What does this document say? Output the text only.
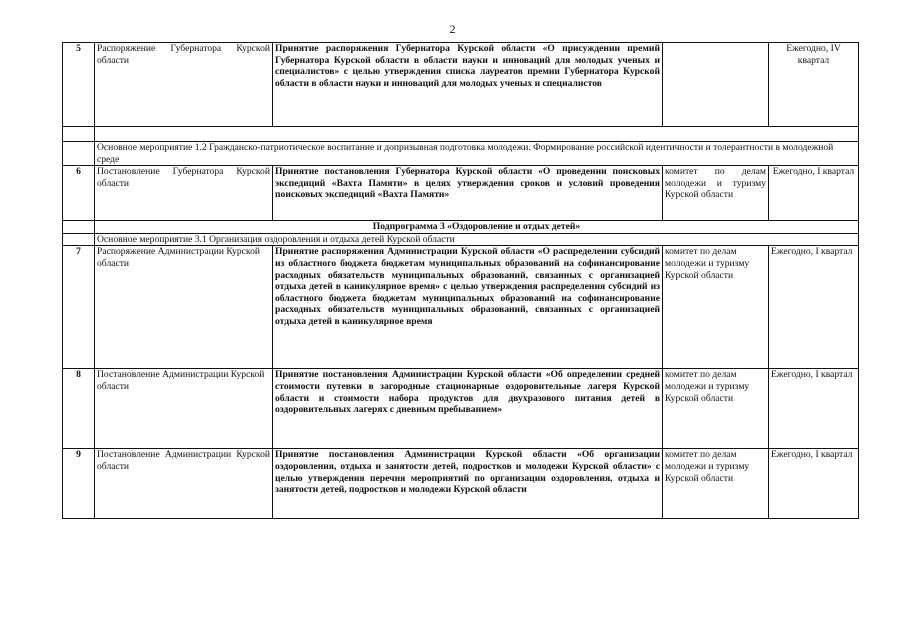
2
5	Распоряжение Губернатора Курской области	Принятие распоряжения Губернатора Курской области «О присуждении премий Губернатора Курской области в области науки и инноваций для молодых ученых и специалистов» с целью утверждения списка лауреатов премии Губернатора Курской области в области науки и инноваций для молодых ученых и специалистов		Ежегодно, IV квартал

	Основное мероприятие 1.2 Гражданско-патриотическое воспитание и допризывная подготовка молодежи. Формирование российской идентичности и толерантности в молодежной среде			
6	Постановление Губернатора Курской области	Принятие постановления Губернатора Курской области «О проведении поисковых экспедиций «Вахта Памяти» в целях утверждения сроков и условий проведения поисковых экспедиций «Вахта Памяти»	комитет по делам молодежи и туризму Курской области	Ежегодно, I квартал
	Подпрограмма 3 «Оздоровление и отдых детей»			
	Основное мероприятие 3.1 Организация оздоровления и отдыха детей Курской области			
7	Распоряжение Администрации Курской области	Принятие распоряжения Администрации Курской области «О распределении субсидий из областного бюджета бюджетам муниципальных образований на софинансирование расходных обязательств муниципальных образований, связанных с организацией отдыха детей в каникулярное время» с целью утверждения распределения субсидий из областного бюджета бюджетам муниципальных образований на софинансирование расходных обязательств муниципальных образований, связанных с организацией отдыха детей в каникулярное время	комитет по делам молодежи и туризму Курской области	Ежегодно, I квартал
8	Постановление Администрации Курской области	Принятие постановления Администрации Курской области «Об определении средней стоимости путевки в загородные стационарные оздоровительные лагеря Курской области и стоимости набора продуктов для двухразового питания детей в оздоровительных лагерях с дневным пребыванием»	комитет по делам молодежи и туризму Курской области	Ежегодно, I квартал
9	Постановление Администрации Курской области	Принятие постановления Администрации Курской области «Об организации оздоровления, отдыха и занятости детей, подростков и молодежи Курской области» с целью утверждения перечня мероприятий по организации оздоровления, отдыха и занятости детей, подростков и молодежи Курской области	комитет по делам молодежи и туризму Курской области	Ежегодно, I квартал
